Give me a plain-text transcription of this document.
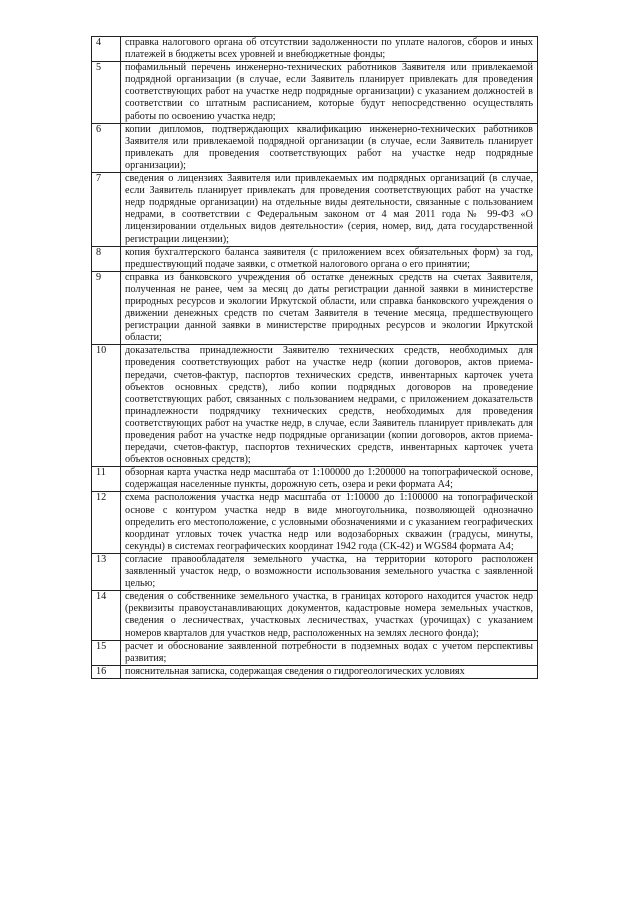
4	справка налогового органа об отсутствии задолженности по уплате налогов, сборов и иных платежей в бюджеты всех уровней и внебюджетные фонды;
5	пофамильный перечень инженерно-технических работников Заявителя или привлекаемой подрядной организации (в случае, если Заявитель планирует привлекать для проведения соответствующих работ на участке недр подрядные организации) с указанием должностей в соответствии со штатным расписанием, которые будут непосредственно осуществлять работы по освоению участка недр;
6	копии дипломов, подтверждающих квалификацию инженерно-технических работников Заявителя или привлекаемой подрядной организации (в случае, если Заявитель планирует привлекать для проведения соответствующих работ на участке недр подрядные организации);
7	сведения о лицензиях Заявителя или привлекаемых им подрядных организаций (в случае, если Заявитель планирует привлекать для проведения соответствующих работ на участке недр подрядные организации) на отдельные виды деятельности, связанные с пользованием недрами, в соответствии с Федеральным законом от 4 мая 2011 года № 99-ФЗ «О лицензировании отдельных видов деятельности» (серия, номер, вид, дата государственной регистрации лицензии);
8	копия бухгалтерского баланса заявителя (с приложением всех обязательных форм) за год, предшествующий подаче заявки, с отметкой налогового органа о его принятии;
9	справка из банковского учреждения об остатке денежных средств на счетах Заявителя, полученная не ранее, чем за месяц до даты регистрации данной заявки в министерстве природных ресурсов и экологии Иркутской области, или справка банковского учреждения о движении денежных средств по счетам Заявителя в течение месяца, предшествующего регистрации данной заявки в министерстве природных ресурсов и экологии Иркутской области;
10	доказательства принадлежности Заявителю технических средств, необходимых для проведения соответствующих работ на участке недр (копии договоров, актов приема-передачи, счетов-фактур, паспортов технических средств, инвентарных карточек учета объектов основных средств), либо копии подрядных договоров на проведение соответствующих работ, связанных с пользованием недрами, с приложением доказательств принадлежности подрядчику технических средств, необходимых для проведения соответствующих работ на участке недр, в случае, если Заявитель планирует привлекать для проведения работ на участке недр подрядные организации (копии договоров, актов приема-передачи, счетов-фактур, паспортов технических средств, инвентарных карточек учета объектов основных средств);
11	обзорная карта участка недр масштаба от 1:100000 до 1:200000 на топографической основе, содержащая населенные пункты, дорожную сеть, озера и реки формата А4;
12	схема расположения участка недр масштаба от 1:10000 до 1:100000 на топографической основе с контуром участка недр в виде многоугольника, позволяющей однозначно определить его местоположение, с условными обозначениями и с указанием географических координат угловых точек участка недр или водозаборных скважин (градусы, минуты, секунды) в системах географических координат 1942 года (СК-42) и WGS84 формата А4;
13	согласие правообладателя земельного участка, на территории которого расположен заявленный участок недр, о возможности использования земельного участка с заявленной целью;
14	сведения о собственнике земельного участка, в границах которого находится участок недр (реквизиты правоустанавливающих документов, кадастровые номера земельных участков, сведения о лесничествах, участковых лесничествах, участках (урочищах) с указанием номеров кварталов для участков недр, расположенных на землях лесного фонда);
15	расчет и обоснование заявленной потребности в подземных водах с учетом перспективы развития;
16	пояснительная записка, содержащая сведения о гидрогеологических условиях
